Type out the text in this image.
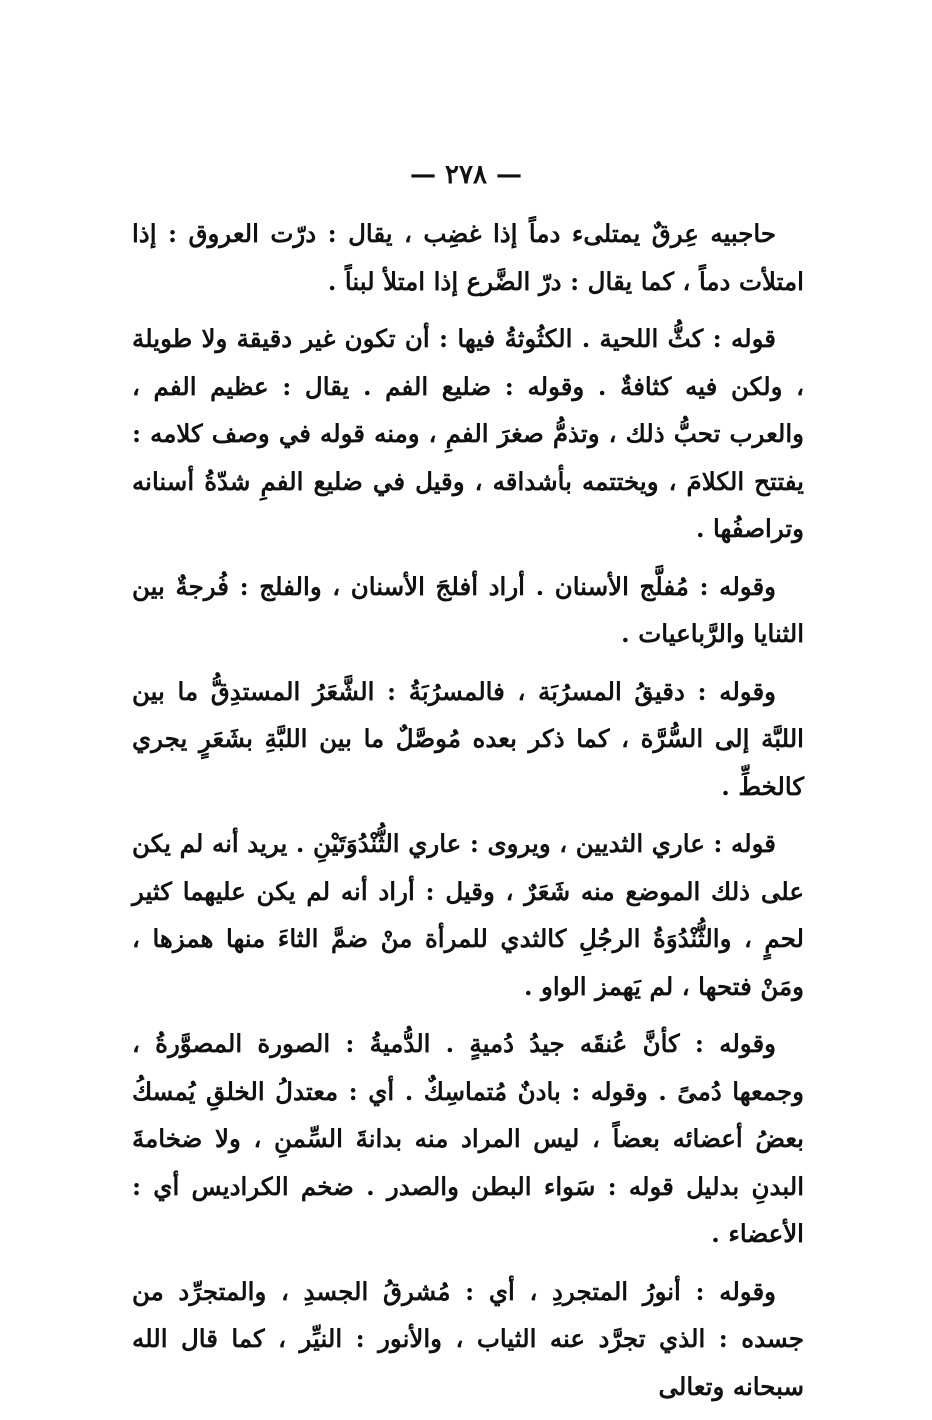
— ٢٧٨ —

حاجبيه عِرقٌ يمتلىء دماً إذا غضِب ، يقال : درّت العروق : إذا امتلأت دماً ، كما يقال : درّ الضَّرع إذا امتلأ لبناً .

قوله : كثُّ اللحية . الكثُوثةُ فيها : أن تكون غير دقيقة ولا طويلة ، ولكن فيه كثافةٌ . وقوله : ضليع الفم . يقال : عظيم الفم ، والعرب تحبُّ ذلك ، وتذمُّ صغرَ الفمِ ، ومنه قوله في وصف كلامه : يفتتح الكلامَ ، ويختتمه بأشداقه ، وقيل في ضليع الفمِ شدّةُ أسنانه وتراصفُها .

وقوله : مُفلَّج الأسنان . أراد أفلجَ الأسنان ، والفلج : فُرجةٌ بين الثنايا والرَّباعيات .

وقوله : دقيقُ المسرُبَة ، فالمسرُبَةُ : الشَّعَرُ المستدِقُّ ما بين اللبَّة إلى السُّرَّة ، كما ذكر بعده مُوصَّلٌ ما بين اللبَّةِ بشَعَرٍ يجري كالخطِّ .

قوله : عاري الثديين ، ويروى : عاري الثُّنْدُوَتَيْنِ . يريد أنه لم يكن على ذلك الموضع منه شَعَرٌ ، وقيل : أراد أنه لم يكن عليهما كثير لحمٍ ، والثُّنْدُوَةُ الرجُلِ كالثدي للمرأة منْ ضمَّ الثاءَ منها همزها ، ومَنْ فتحها ، لم يَهمز الواو .

وقوله : كأنَّ عُنقَه جيدُ دُميةٍ . الدُّميةُ : الصورة المصوَّرةُ ، وجمعها دُمىً . وقوله : بادنٌ مُتماسِكٌ . أي : معتدلُ الخلقِ يُمسكُ بعضُ أعضائه بعضاً ، ليس المراد منه بدانةَ السِّمنِ ، ولا ضخامةَ البدنِ بدليل قوله : سَواء البطن والصدر . ضخم الكراديس أي : الأعضاء .

وقوله : أنورُ المتجردِ ، أي : مُشرقُ الجسدِ ، والمتجرِّد من جسده : الذي تجرَّد عنه الثياب ، والأنور : النيِّر ، كما قال الله سبحانه وتعالى
